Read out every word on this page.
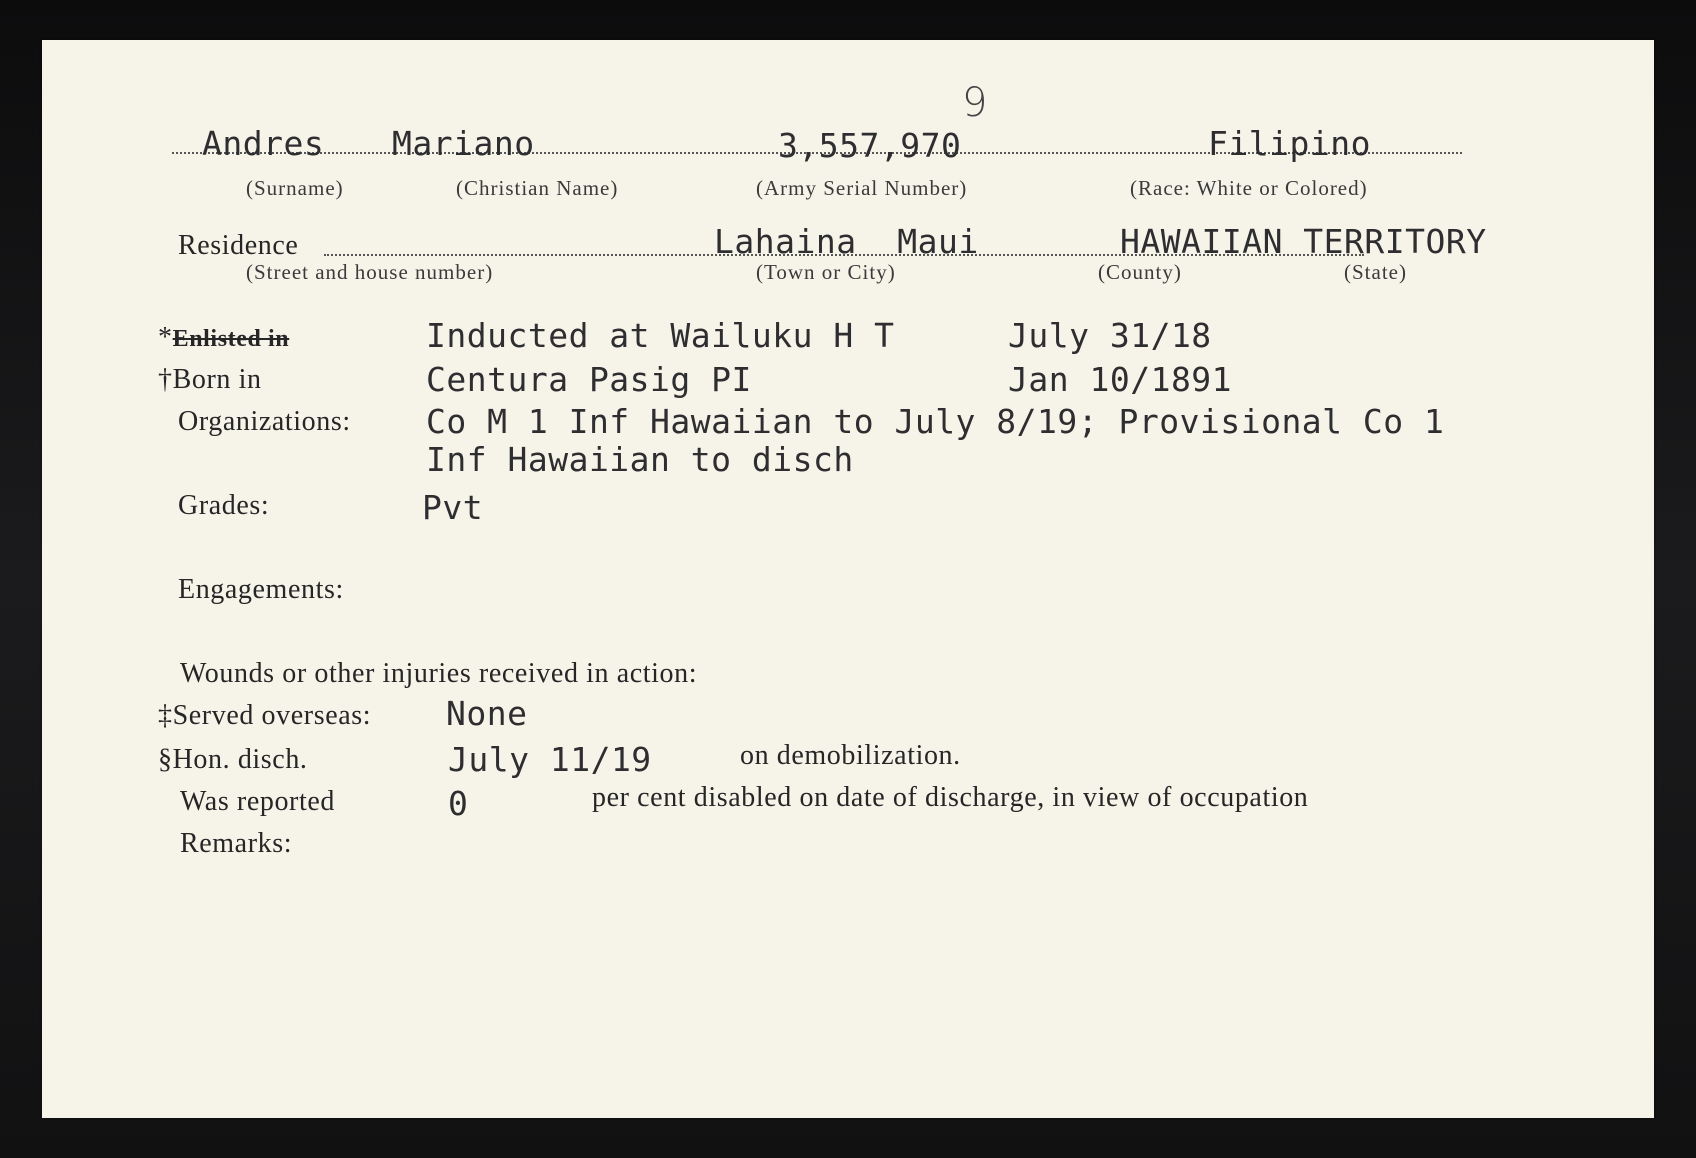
9
Andres Mariano	3,557,970	Filipino
(Surname)	(Christian Name)	(Army Serial Number)	(Race: White or Colored)
Residence	Lahaina  Maui	HAWAIIAN TERRITORY
(Street and house number)	(Town or City)	(County)	(State)
*Enlisted in	Inducted at Wailuku H T	July 31/18
†Born in	Centura Pasig PI	Jan 10/1891
Organizations: Co M 1 Inf Hawaiian to July 8/19; Provisional Co 1
Inf Hawaiian to disch
Grades:	Pvt
Engagements:
Wounds or other injuries received in action:
‡Served overseas: None
§Hon. disch.	July 11/19	on demobilization.
Was reported	0	per cent disabled on date of discharge, in view of occupation
Remarks:
